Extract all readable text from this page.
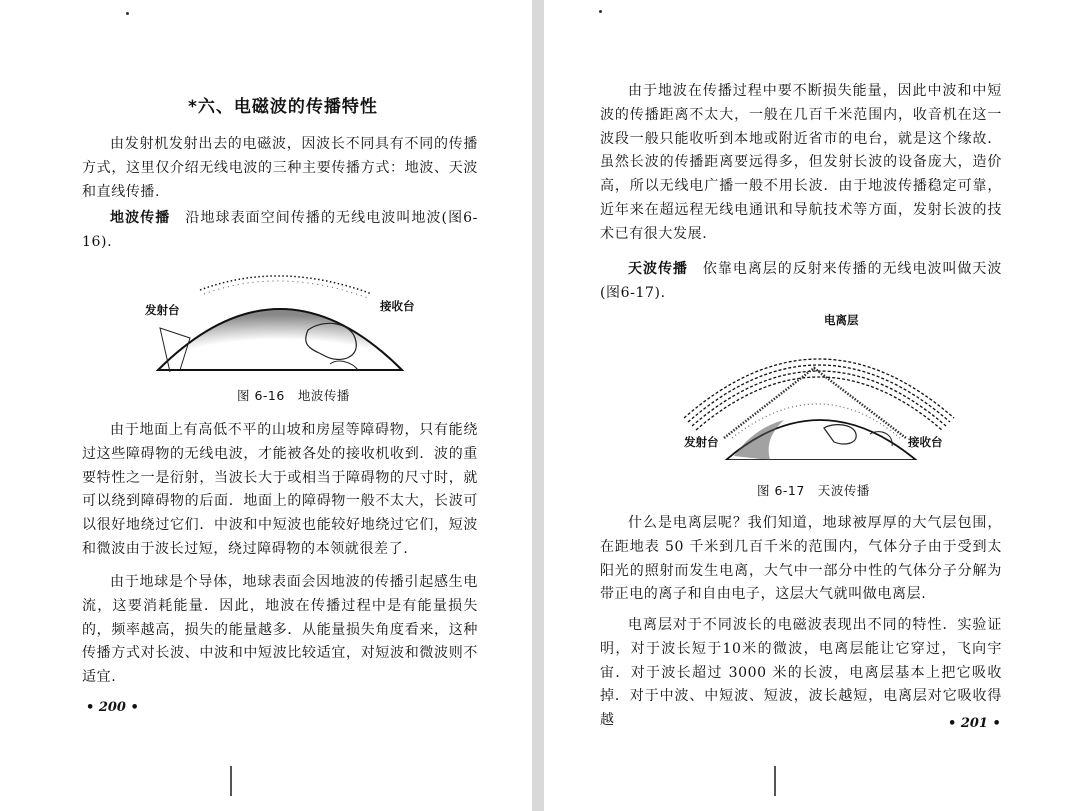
*六、电磁波的传播特性

由发射机发射出去的电磁波，因波长不同具有不同的传播方式，这里仅介绍无线电波的三种主要传播方式：地波、天波和直线传播.

地波传播　 沿地球表面空间传播的无线电波叫地波(图6-16).

发射台	接收台
图 6-16　地波传播

由于地面上有高低不平的山坡和房屋等障碍物，只有能绕过这些障碍物的无线电波，才能被各处的接收机收到．波的重要特性之一是衍射，当波长大于或相当于障碍物的尺寸时，就可以绕到障碍物的后面．地面上的障碍物一般不太大，长波可以很好地绕过它们．中波和中短波也能较好地绕过它们，短波和微波由于波长过短，绕过障碍物的本领就很差了.

由于地球是个导体，地球表面会因地波的传播引起感生电流，这要消耗能量．因此，地波在传播过程中是有能量损失的，频率越高，损失的能量越多．从能量损失角度看来，这种传播方式对长波、中波和中短波比较适宜，对短波和微波则不适宜.

• 200 •

由于地波在传播过程中要不断损失能量，因此中波和中短波的传播距离不太大，一般在几百千米范围内，收音机在这一波段一般只能收听到本地或附近省市的电台，就是这个缘故．虽然长波的传播距离要远得多，但发射长波的设备庞大，造价高，所以无线电广播一般不用长波．由于地波传播稳定可靠，近年来在超远程无线电通讯和导航技术等方面，发射长波的技术已有很大发展.

天波传播　 依靠电离层的反射来传播的无线电波叫做天波(图6-17).

电离层
发射台	接收台
图 6-17　天波传播

什么是电离层呢？我们知道，地球被厚厚的大气层包围，在距地表 50 千米到几百千米的范围内，气体分子由于受到太阳光的照射而发生电离，大气中一部分中性的气体分子分解为带正电的离子和自由电子，这层大气就叫做电离层.

电离层对于不同波长的电磁波表现出不同的特性．实验证明，对于波长短于10米的微波，电离层能让它穿过，飞向宇宙．对于波长超过 3000 米的长波，电离层基本上把它吸收掉．对于中波、中短波、短波，波长越短，电离层对它吸收得越	• 201 •
